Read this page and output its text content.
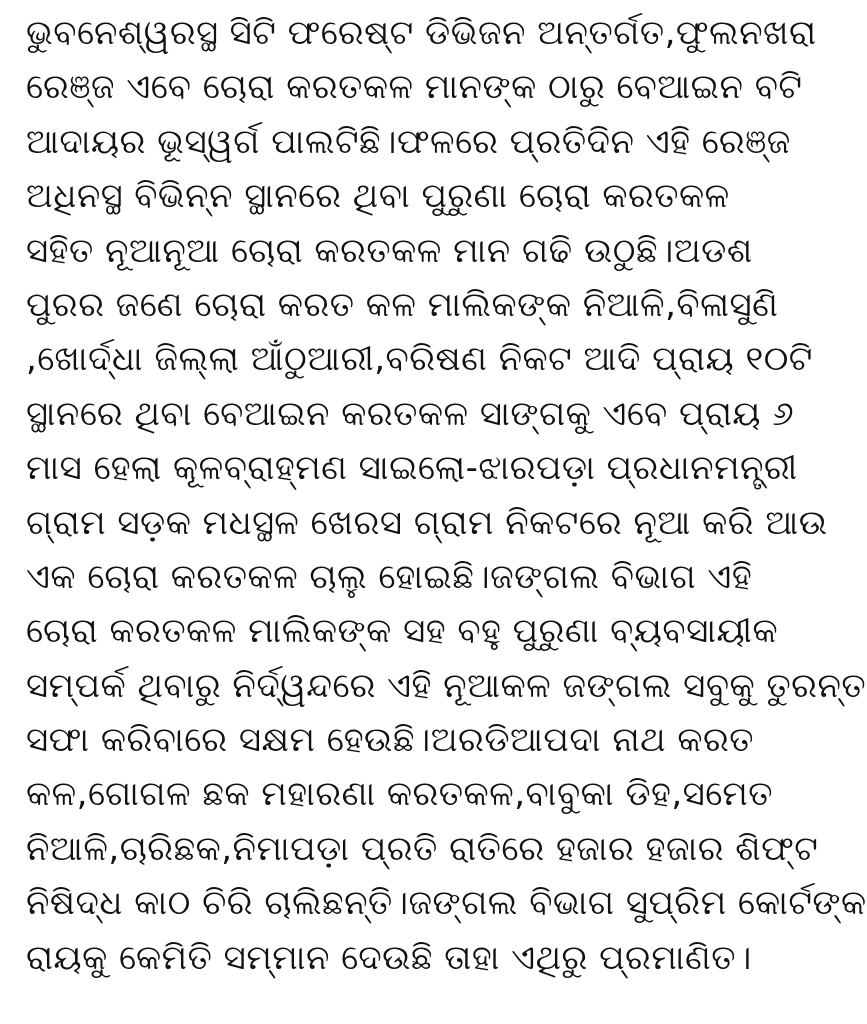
ଭୁବନେଶ୍ୱରସ୍ଥ ସିଟି ଫରେଷ୍ଟ ଡିଭିଜନ ଅନ୍ତର୍ଗତ,ଫୁଲନଖରା
ରେଞ୍ଜ ଏବେ ଚୋରା କରତକଳ ମାନଙ୍କ ଠାରୁ ବେଆଇନ ବଟି
ଆଦାୟର ଭୂସ୍ୱର୍ଗ ପାଲଟିଛି।ଫଳରେ ପ୍ରତିଦିନ ଏହି ରେଞ୍ଜ
ଅଧିନସ୍ଥ ବିଭିନ୍ନ ସ୍ଥାନରେ ଥିବା ପୁରୁଣା ଚୋରା କରତକଳ
ସହିତ ନୂଆନୂଆ ଚୋରା କରତକଳ ମାନ ଗଢି ଉଠୁଛି।ଅଡଶ
ପୁରର ଜଣେ ଚୋରା କରତ କଳ ମାଲିକଙ୍କ ନିଆଳି,ବିଳାସୁଣି
,ଖୋର୍ଦ୍ଧା ଜିଲ୍ଲା ଆଁଠୁଆରୀ,ବରିଷଣ ନିକଟ ଆଦି ପ୍ରାୟ ୧୦ଟି
ସ୍ଥାନରେ ଥିବା ବେଆଇନ କରତକଳ ସାଙ୍ଗକୁ ଏବେ ପ୍ରାୟ ୬
ମାସ ହେଲା କୂଳବ୍ରାହ୍ମଣ ସାଇଲୋ-ଝାରପଡ଼ା ପ୍ରଧାନମନ୍ତ୍ରୀ
ଗ୍ରାମ ସଡ଼କ ମଧସ୍ଥଳ ଖେରସ ଗ୍ରାମ ନିକଟରେ ନୂଆ କରି ଆଉ
ଏକ ଚୋରା କରତକଳ ଚାଲୁ ହୋଇଛି।ଜଙ୍ଗଲ ବିଭାଗ ଏହି
ଚୋରା କରତକଳ ମାଲିକଙ୍କ ସହ ବହୁ ପୁରୁଣା ବ୍ୟବସାୟୀକ
ସମ୍ପର୍କ ଥିବାରୁ ନିର୍ଦ୍ୱନ୍ଦରେ ଏହି ନୂଆକଳ ଜଙ୍ଗଲ ସବୁକୁ ତୁରନ୍ତ
ସଫା କରିବାରେ ସକ୍ଷମ ହେଉଛି।ଅରଡିଆପଦା ନାଥ କରତ
କଳ,ଗୋଗଳ ଛକ ମହାରଣା କରତକଳ,ବାବୁକା ଡିହ,ସମେତ
ନିଆଳି,ଚାରିଛକ,ନିମାପଡ଼ା ପ୍ରତି ରାତିରେ ହଜାର ହଜାର ଶିଫ୍ଟ
ନିଷିଦ୍ଧ କାଠ ଚିରି ଚାଲିଛନ୍ତି।ଜଙ୍ଗଲ ବିଭାଗ ସୁପ୍ରିମ କୋର୍ଟଙ୍କ
ରାୟକୁ କେମିତି ସମ୍ମାନ ଦେଉଛି ତାହା ଏଥିରୁ ପ୍ରମାଣିତ।
